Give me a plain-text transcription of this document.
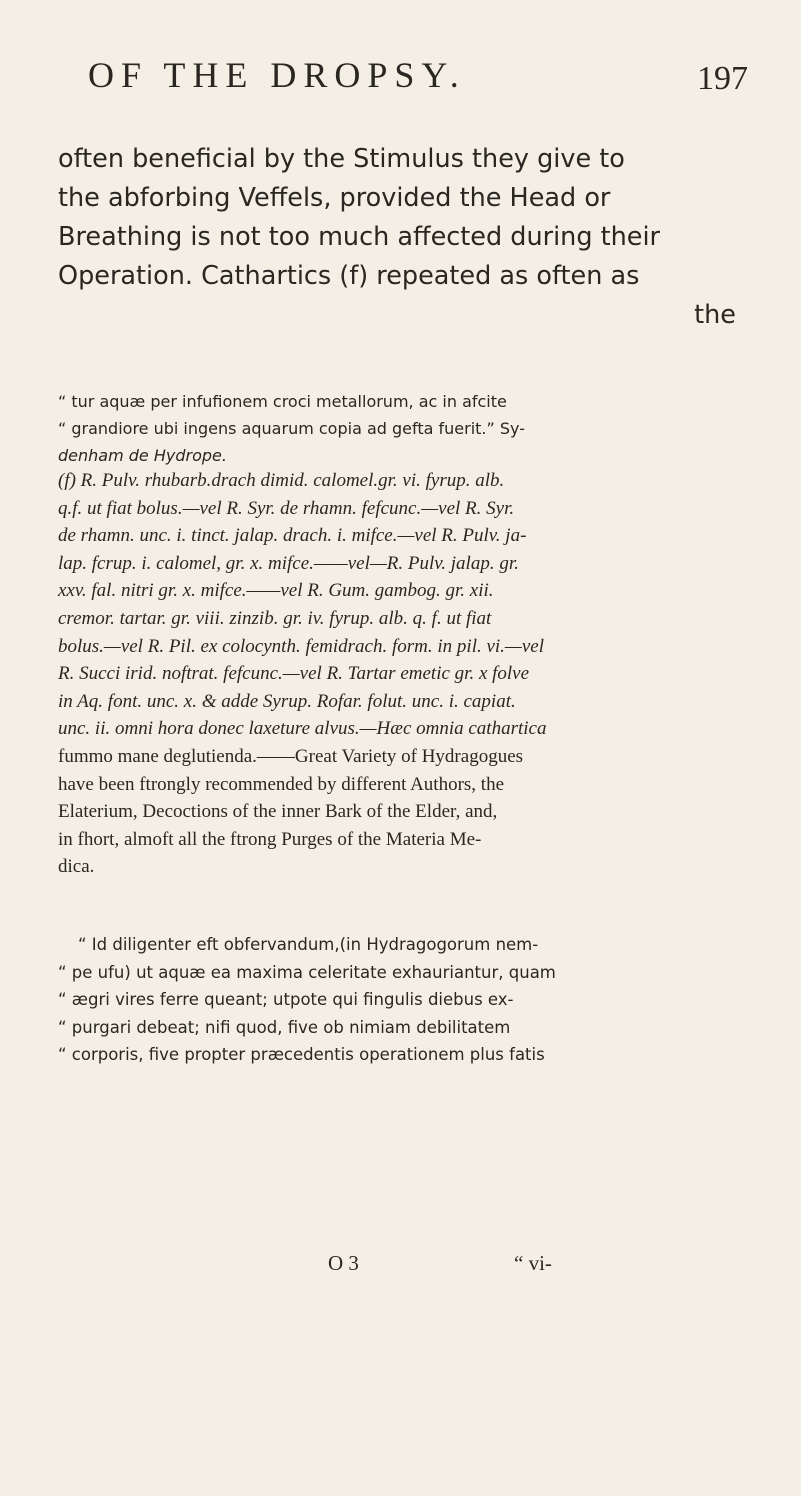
OF THE DROPSY.	197
often beneficial by the Stimulus they give to
the abforbing Veffels, provided the Head or
Breathing is not too much affected during their
Operation. Cathartics (f) repeated as often as
the
“ tur aquæ per infufionem croci metallorum, ac in afcite
“ grandiore ubi ingens aquarum copia ad gefta fuerit.” Sy-
denham de Hydrope.
(f) R. Pulv. rhubarb.drach dimid. calomel.gr. vi. fyrup. alb.
q.f. ut fiat bolus.—vel R. Syr. de rhamn. fefcunc.—vel R. Syr.
de rhamn. unc. i. tinct. jalap. drach. i. mifce.—vel R. Pulv. ja-
lap. fcrup. i. calomel, gr. x. mifce.——vel—R. Pulv. jalap. gr.
xxv. fal. nitri gr. x. mifce.——vel R. Gum. gambog. gr. xii.
cremor. tartar. gr. viii. zinzib. gr. iv. fyrup. alb. q. f. ut fiat
bolus.—vel R. Pil. ex colocynth. femidrach. form. in pil. vi.—vel
R. Succi irid. noftrat. fefcunc.—vel R. Tartar emetic gr. x folve
in Aq. font. unc. x. & adde Syrup. Rofar. folut. unc. i. capiat.
unc. ii. omni hora donec laxeture alvus.—Hæc omnia cathartica
fummo mane deglutienda.——Great Variety of Hydragogues
have been ftrongly recommended by different Authors, the
Elaterium, Decoctions of the inner Bark of the Elder, and,
in fhort, almoft all the ftrong Purges of the Materia Me-
dica.
“ Id diligenter eft obfervandum,(in Hydragogorum nem-
“ pe ufu) ut aquæ ea maxima celeritate exhauriantur, quam
“ ægri vires ferre queant; utpote qui fingulis diebus ex-
“ purgari debeat; nifi quod, five ob nimiam debilitatem
“ corporis, five propter præcedentis operationem plus fatis
O 3	“ vi-
